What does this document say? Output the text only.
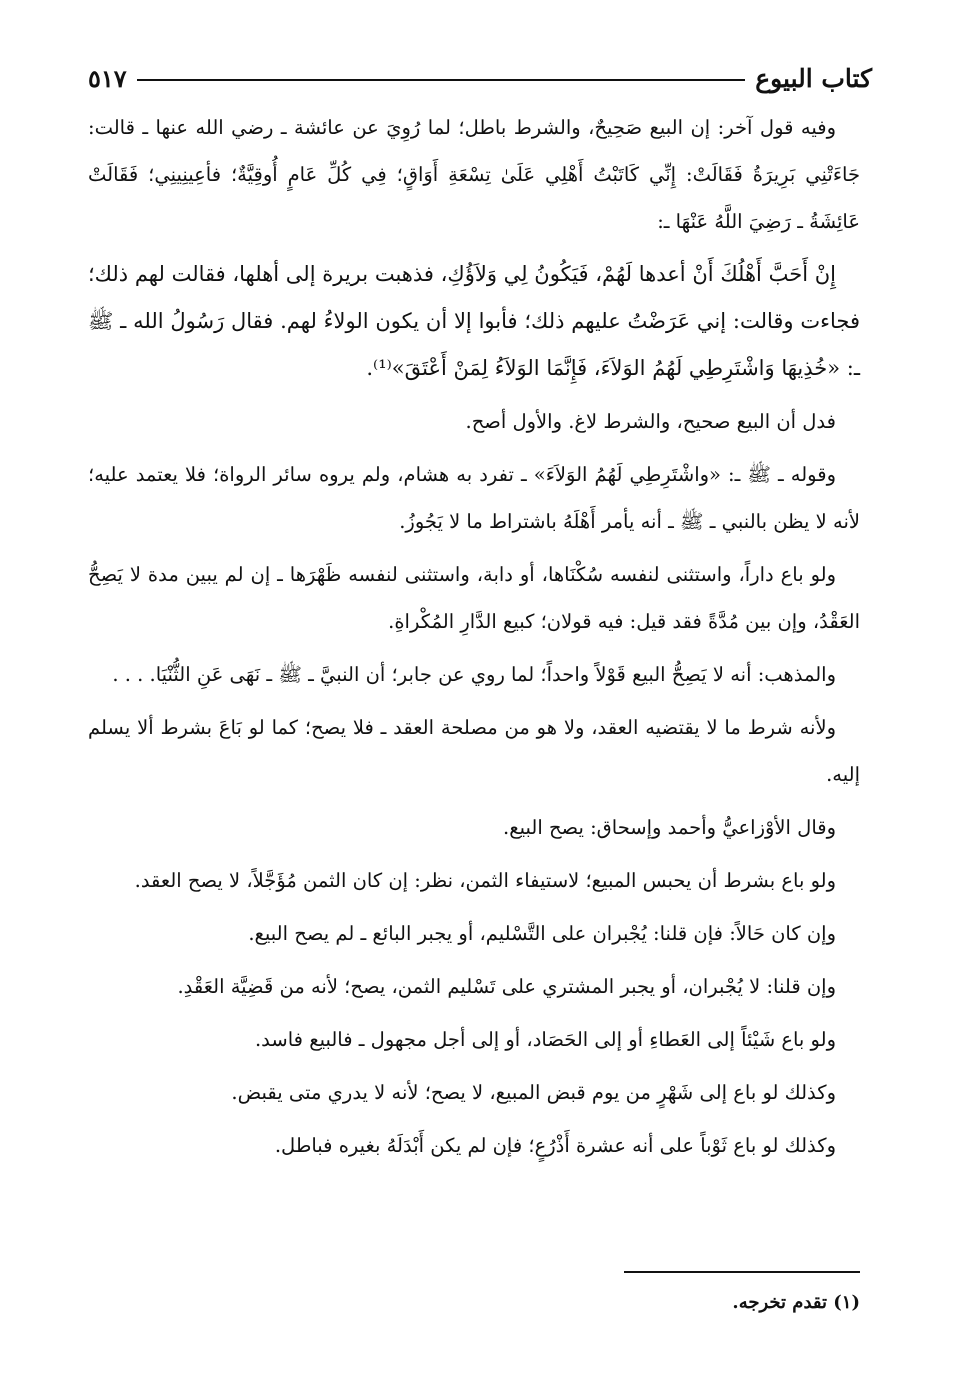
كتاب البيوع
٥١٧

وفيه قول آخر: إن البيع صَحِيحٌ، والشرط باطل؛ لما رُوِيَ عن عائشة ـ رضي الله عنها ـ قالت: جَاءَتْنِي بَرِيرَةُ فَقَالَتْ: إِنِّي كَاتَبْتُ أَهْلِي عَلَىٰ تِسْعَةِ أَوَاقٍ؛ فِي كُلِّ عَامٍ أُوقِيَّةٌ؛ فأعِينِينِي؛ فَقَالَتْ عَائِشَةُ ـ رَضِيَ اللَّهُ عَنْهَا ـ:

إِنْ أَحَبَّ أَهْلُكَ أَنْ أعدها لَهُمْ، فَيَكُونُ لِي وَلاَؤُكِ، فذهبت بريرة إلى أهلها، فقالت لهم ذلك؛ فجاءت وقالت: إني عَرَضْتُ عليهم ذلك؛ فأبوا إلا أن يكون الولاءُ لهم. فقال رَسُولُ الله ـ ﷺ ـ: «خُذِيهَا وَاشْتَرِطِي لَهُمُ الوَلاَءَ، فَإِنَّمَا الوَلاَءُ لِمَنْ أَعْتَقَ»⁽¹⁾.

فدل أن البيع صحيح، والشرط لاغ. والأول أصح.

وقوله ـ ﷺ ـ: «واشْتَرِطِي لَهُمُ الوَلاَءَ» ـ تفرد به هشام، ولم يروه سائر الرواة؛ فلا يعتمد عليه؛ لأنه لا يظن بالنبي ـ ﷺ ـ أنه يأمر أَهْلَهُ باشتراط ما لا يَجُوزُ.

ولو باع داراً، واستثنى لنفسه سُكْنَاها، أو دابة، واستثنى لنفسه ظَهْرَها ـ إن لم يبين مدة لا يَصِحُّ العَقْدُ، وإن بين مُدَّةً فقد قيل: فيه قولان؛ كبيع الدَّارِ المُكْراةِ.

والمذهب: أنه لا يَصِحُّ البيع قَوْلاً واحداً؛ لما روي عن جابر؛ أن النبيَّ ـ ﷺ ـ نَهَى عَنِ الثُّنْيَا. . . .

ولأنه شرط ما لا يقتضيه العقد، ولا هو من مصلحة العقد ـ فلا يصح؛ كما لو بَاعَ بشرط ألا يسلم إليه.

وقال الأوْزاعيُّ وأحمد وإسحاق: يصح البيع.

ولو باع بشرط أن يحبس المبيع؛ لاستيفاء الثمن، نظر: إن كان الثمن مُؤَجَّلاً، لا يصح العقد.

وإن كان حَالاً: فإن قلنا: يُجْبران على التَّسْليم، أو يجبر البائع ـ لم يصح البيع.

وإن قلنا: لا يُجْبران، أو يجبر المشتري على تَسْليم الثمن، يصح؛ لأنه من قَضِيَّة العَقْدِ.

ولو باع شَيْئاً إلى العَطاءِ أو إلى الحَصَاد، أو إلى أجل مجهول ـ فالبيع فاسد.

وكذلك لو باع إلى شَهْرٍ من يوم قبض المبيع، لا يصح؛ لأنه لا يدري متى يقبض.

وكذلك لو باع ثَوْباً على أنه عشرة أَذْرُعٍ؛ فإن لم يكن أَبْدَلَهُ بغيره فباطل.

(١) تقدم تخرجه.
